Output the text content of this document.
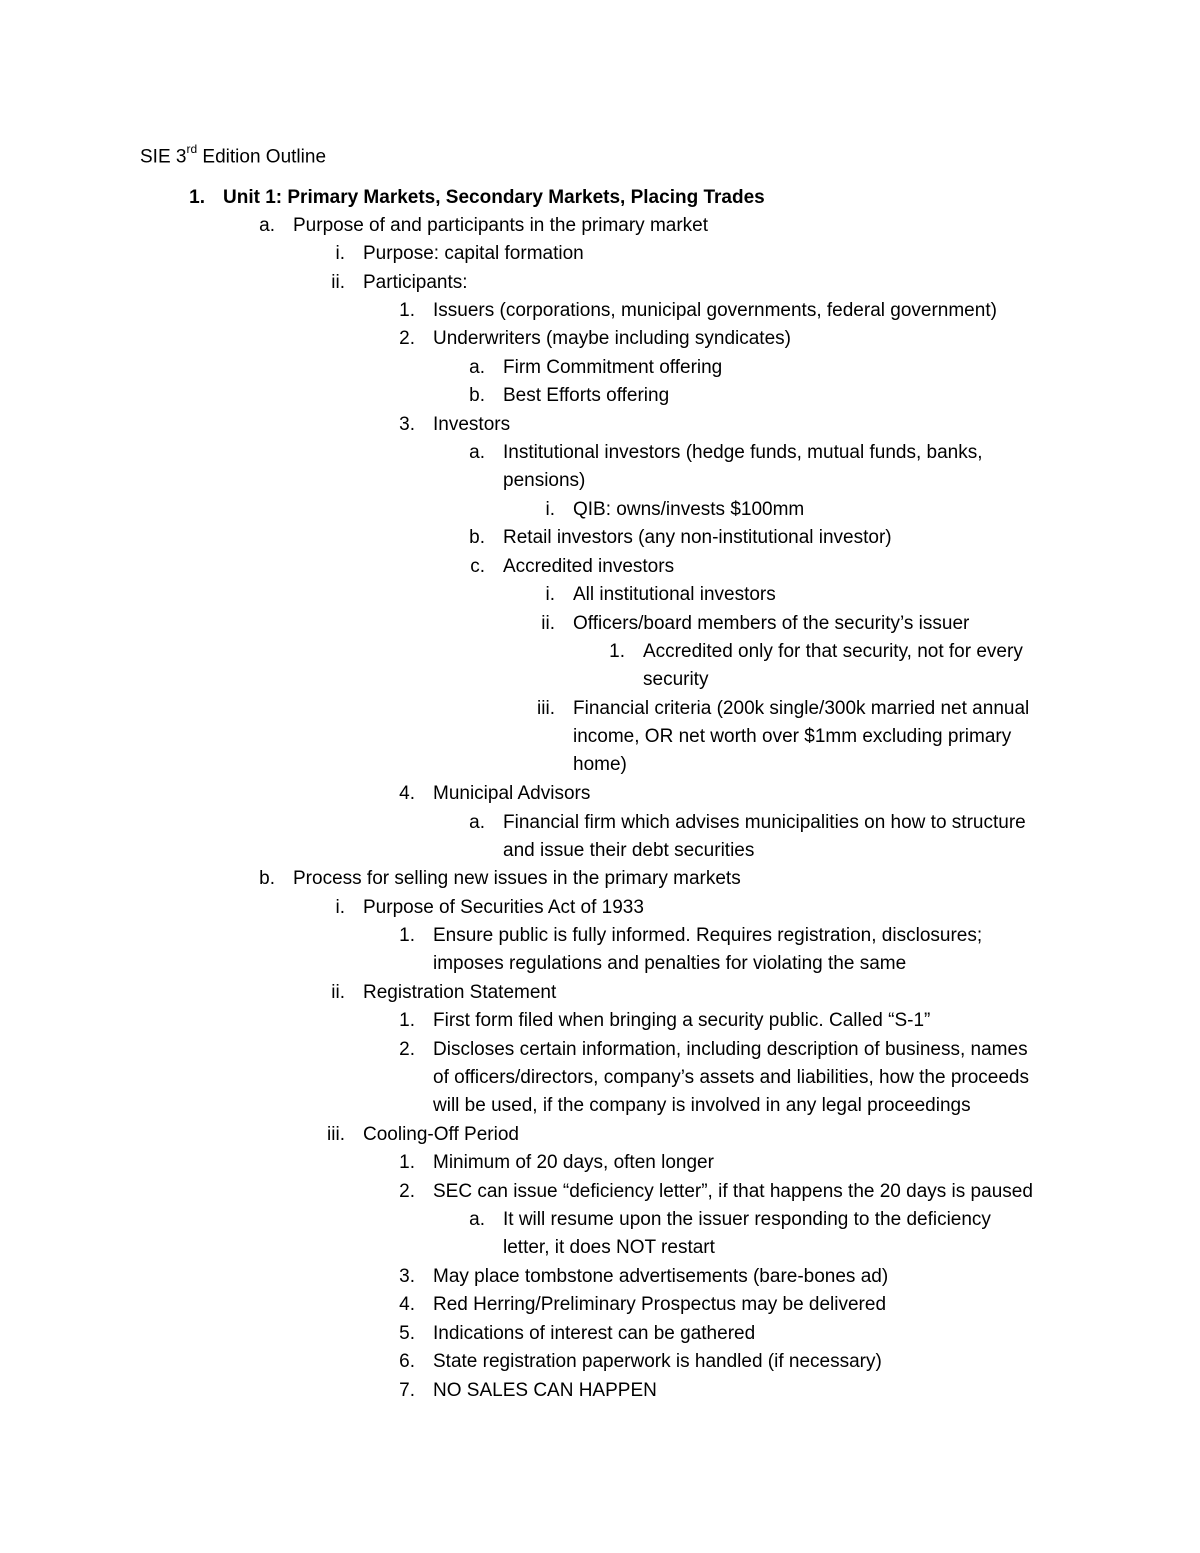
SIE 3rd Edition Outline
1. Unit 1: Primary Markets, Secondary Markets, Placing Trades
a. Purpose of and participants in the primary market
i. Purpose: capital formation
ii. Participants:
1. Issuers (corporations, municipal governments, federal government)
2. Underwriters (maybe including syndicates)
a. Firm Commitment offering
b. Best Efforts offering
3. Investors
a. Institutional investors (hedge funds, mutual funds, banks,
pensions)
i. QIB: owns/invests $100mm
b. Retail investors (any non-institutional investor)
c. Accredited investors
i. All institutional investors
ii. Officers/board members of the security’s issuer
1. Accredited only for that security, not for every
security
iii. Financial criteria (200k single/300k married net annual
income, OR net worth over $1mm excluding primary
home)
4. Municipal Advisors
a. Financial firm which advises municipalities on how to structure
and issue their debt securities
b. Process for selling new issues in the primary markets
i. Purpose of Securities Act of 1933
1. Ensure public is fully informed. Requires registration, disclosures;
imposes regulations and penalties for violating the same
ii. Registration Statement
1. First form filed when bringing a security public. Called “S-1”
2. Discloses certain information, including description of business, names
of officers/directors, company’s assets and liabilities, how the proceeds
will be used, if the company is involved in any legal proceedings
iii. Cooling-Off Period
1. Minimum of 20 days, often longer
2. SEC can issue “deficiency letter”, if that happens the 20 days is paused
a. It will resume upon the issuer responding to the deficiency
letter, it does NOT restart
3. May place tombstone advertisements (bare-bones ad)
4. Red Herring/Preliminary Prospectus may be delivered
5. Indications of interest can be gathered
6. State registration paperwork is handled (if necessary)
7. NO SALES CAN HAPPEN
